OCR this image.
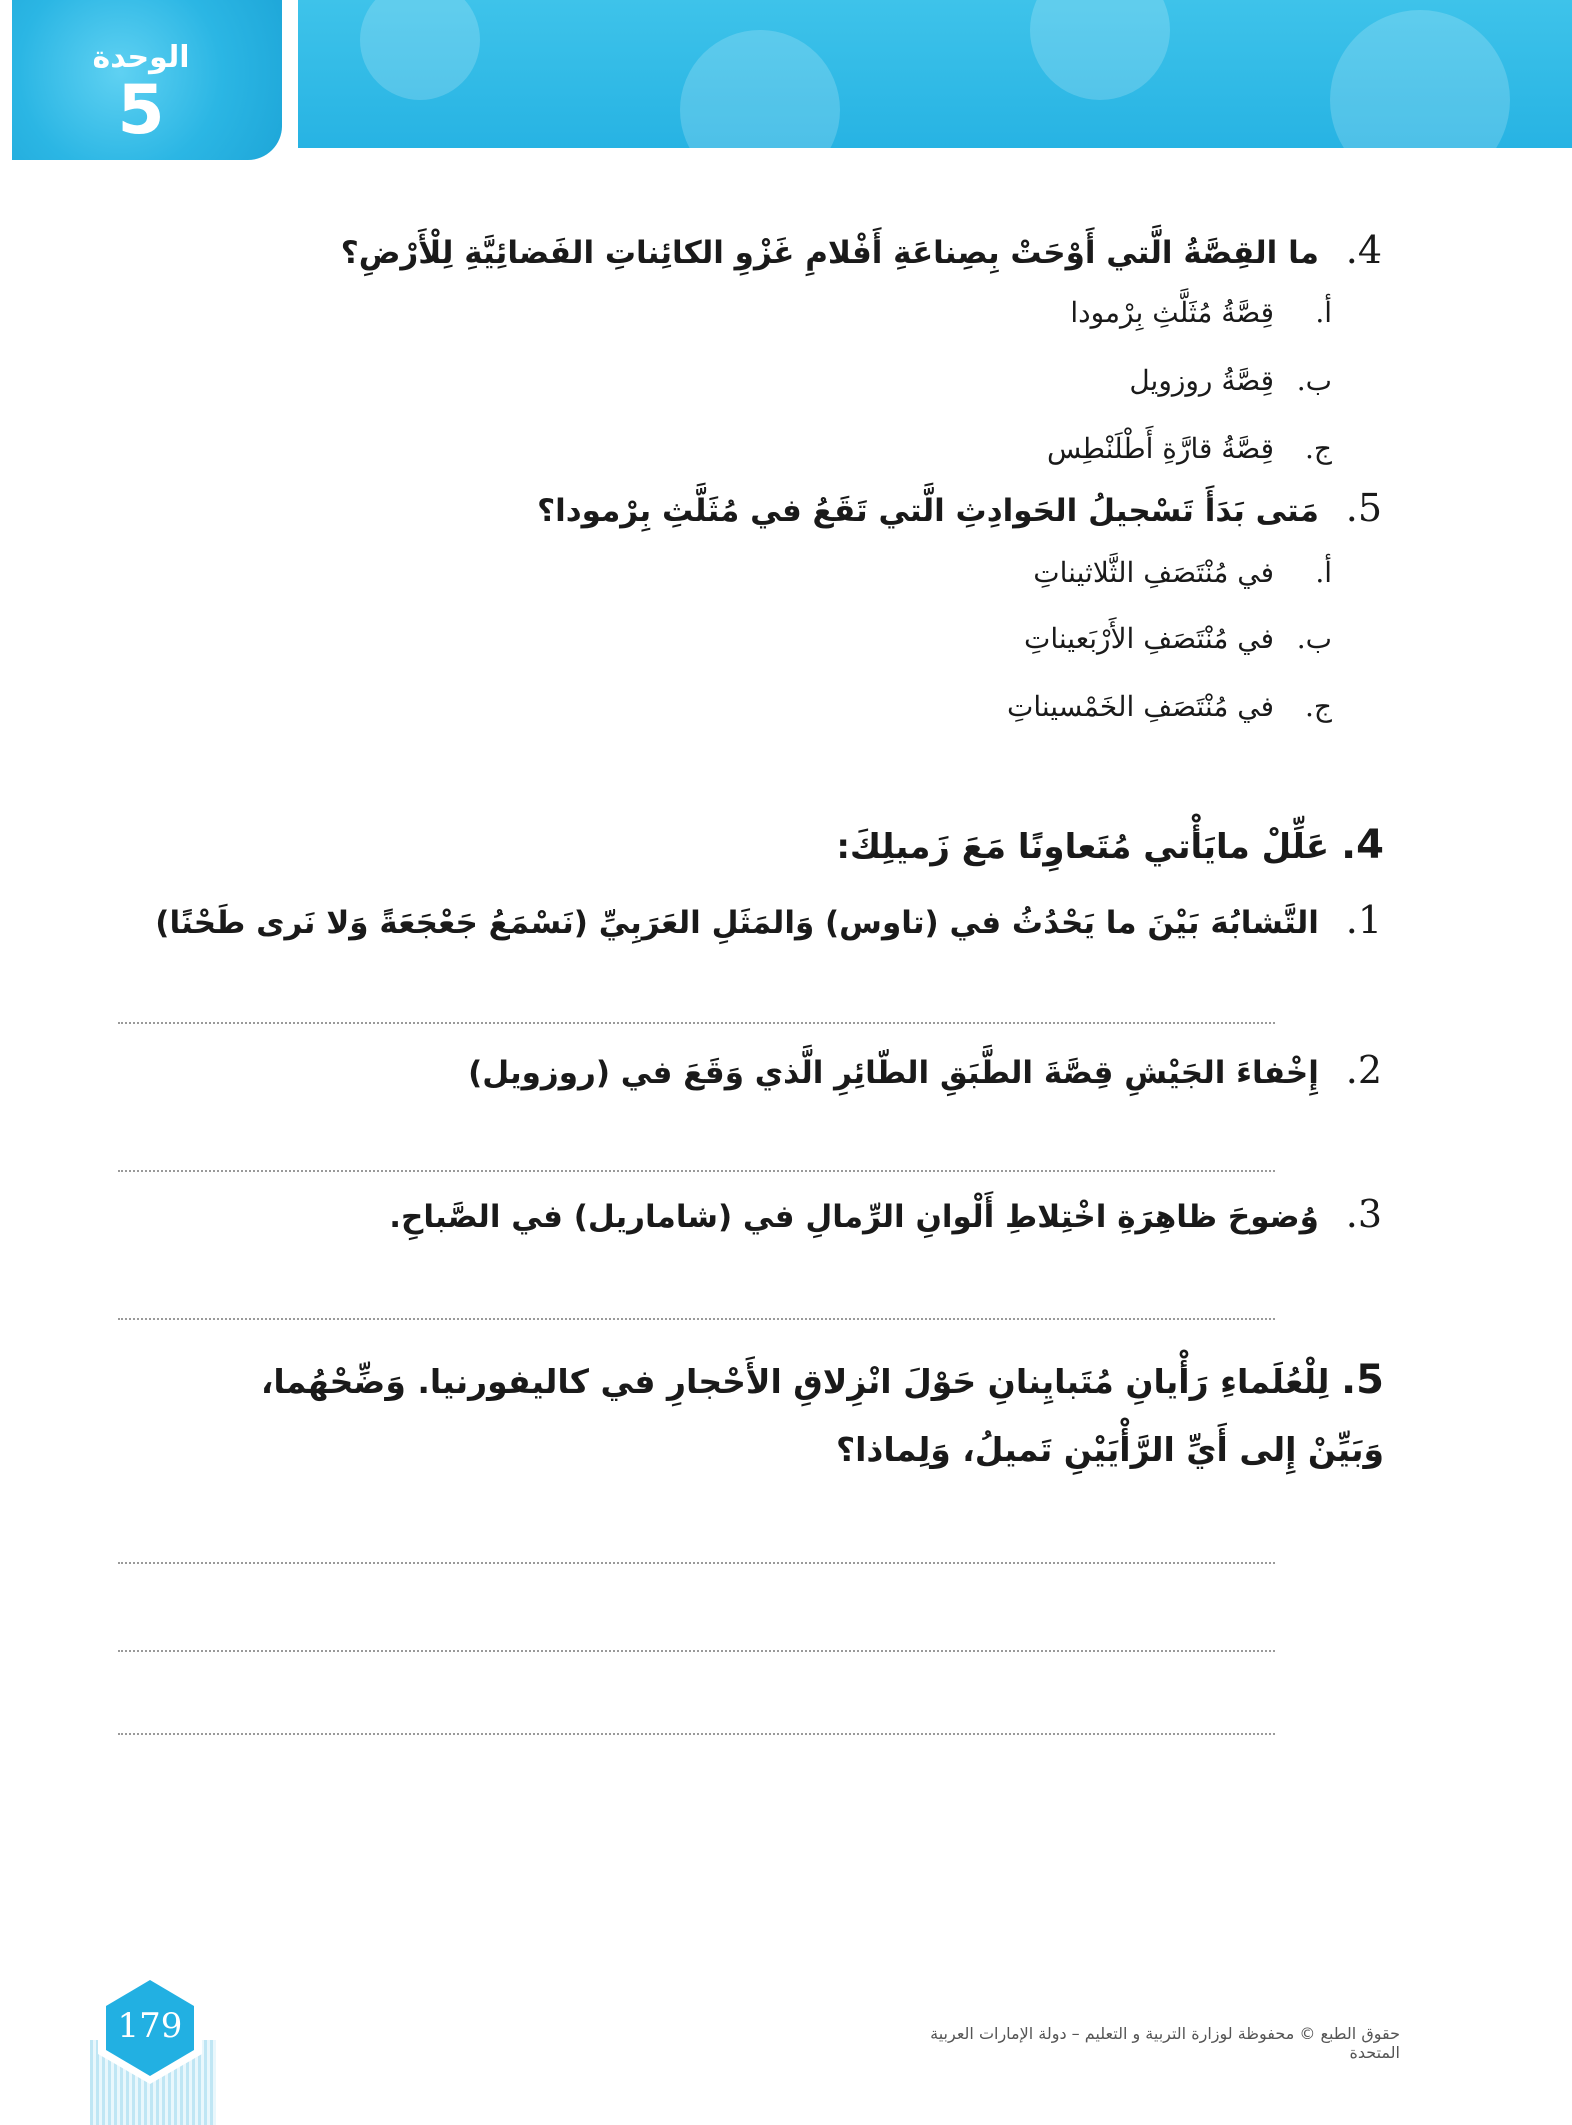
الوحدة
5
4. ما القِصَّةُ الَّتي أَوْحَتْ بِصِناعَةِ أَفْلامِ غَزْوِ الكائِناتِ الفَضائِيَّةِ لِلْأَرْضِ؟
أ.قِصَّةُ مُثَلَّثِ بِرْمودا
ب.قِصَّةُ روزويل
ج.قِصَّةُ قارَّةِ أَطْلَنْطِس
5. مَتى بَدَأَ تَسْجيلُ الحَوادِثِ الَّتي تَقَعُ في مُثَلَّثِ بِرْمودا؟
أ.في مُنْتَصَفِ الثَّلاثيناتِ
ب.في مُنْتَصَفِ الأَرْبَعيناتِ
ج.في مُنْتَصَفِ الخَمْسيناتِ
4. عَلِّلْ مايَأْتي مُتَعاوِنًا مَعَ زَميلِكَ:
1. التَّشابُهَ بَيْنَ ما يَحْدُثُ في (تاوس) وَالمَثَلِ العَرَبِيِّ (نَسْمَعُ جَعْجَعَةً وَلا نَرى طَحْنًا)
2. إِخْفاءَ الجَيْشِ قِصَّةَ الطَّبَقِ الطّائِرِ الَّذي وَقَعَ في (روزويل)
3. وُضوحَ ظاهِرَةِ اخْتِلاطِ أَلْوانِ الرِّمالِ في (شاماريل) في الصَّباحِ.
5. لِلْعُلَماءِ رَأْيانِ مُتَبايِنانِ حَوْلَ انْزِلاقِ الأَحْجارِ في كاليفورنيا. وَضِّحْهُما، وَبَيِّنْ إِلى أَيِّ الرَّأْيَيْنِ تَميلُ، وَلِماذا؟
179	حقوق الطبع © محفوظة لوزارة التربية و التعليم – دولة الإمارات العربية المتحدة
